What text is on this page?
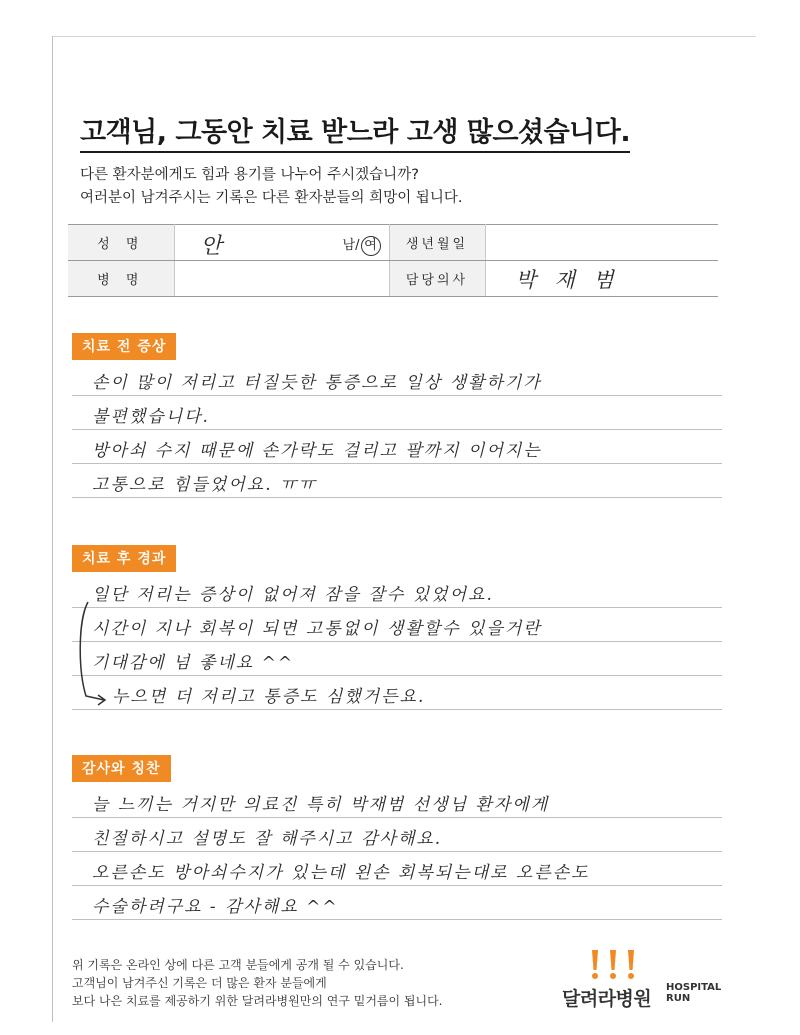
고객님, 그동안 치료 받느라 고생 많으셨습니다.
다른 환자분에게도 힘과 용기를 나누어 주시겠습니까?
여러분이 남겨주시는 기록은 다른 환자분들의 희망이 됩니다.
성 명	안 남/ 여	생년월일	
병 명		담당의사	박 재 범
치료 전 증상
손이 많이 저리고 터질듯한 통증으로 일상 생활하기가
불편했습니다.
방아쇠 수지 때문에 손가락도 걸리고 팔까지 이어지는
고통으로 힘들었어요. ㅠㅠ
치료 후 경과
일단 저리는 증상이 없어져 잠을 잘수 있었어요.
시간이 지나 회복이 되면 고통없이 생활할수 있을거란
기대감에 넘 좋네요 ^^
누으면 더 저리고 통증도 심했거든요.
감사와 칭찬
늘 느끼는 거지만 의료진 특히 박재범 선생님 환자에게
친절하시고 설명도 잘 해주시고 감사해요.
오른손도 방아쇠수지가 있는데 왼손 회복되는대로 오른손도
수술하려구요 - 감사해요 ^^
위 기록은 온라인 상에 다른 고객 분들에게 공개 될 수 있습니다.
고객님이 남겨주신 기록은 더 많은 환자 분들에게
보다 나은 치료를 제공하기 위한 달려라병원만의 연구 밑거름이 됩니다.	달려라병원
HOSPITAL
RUN
